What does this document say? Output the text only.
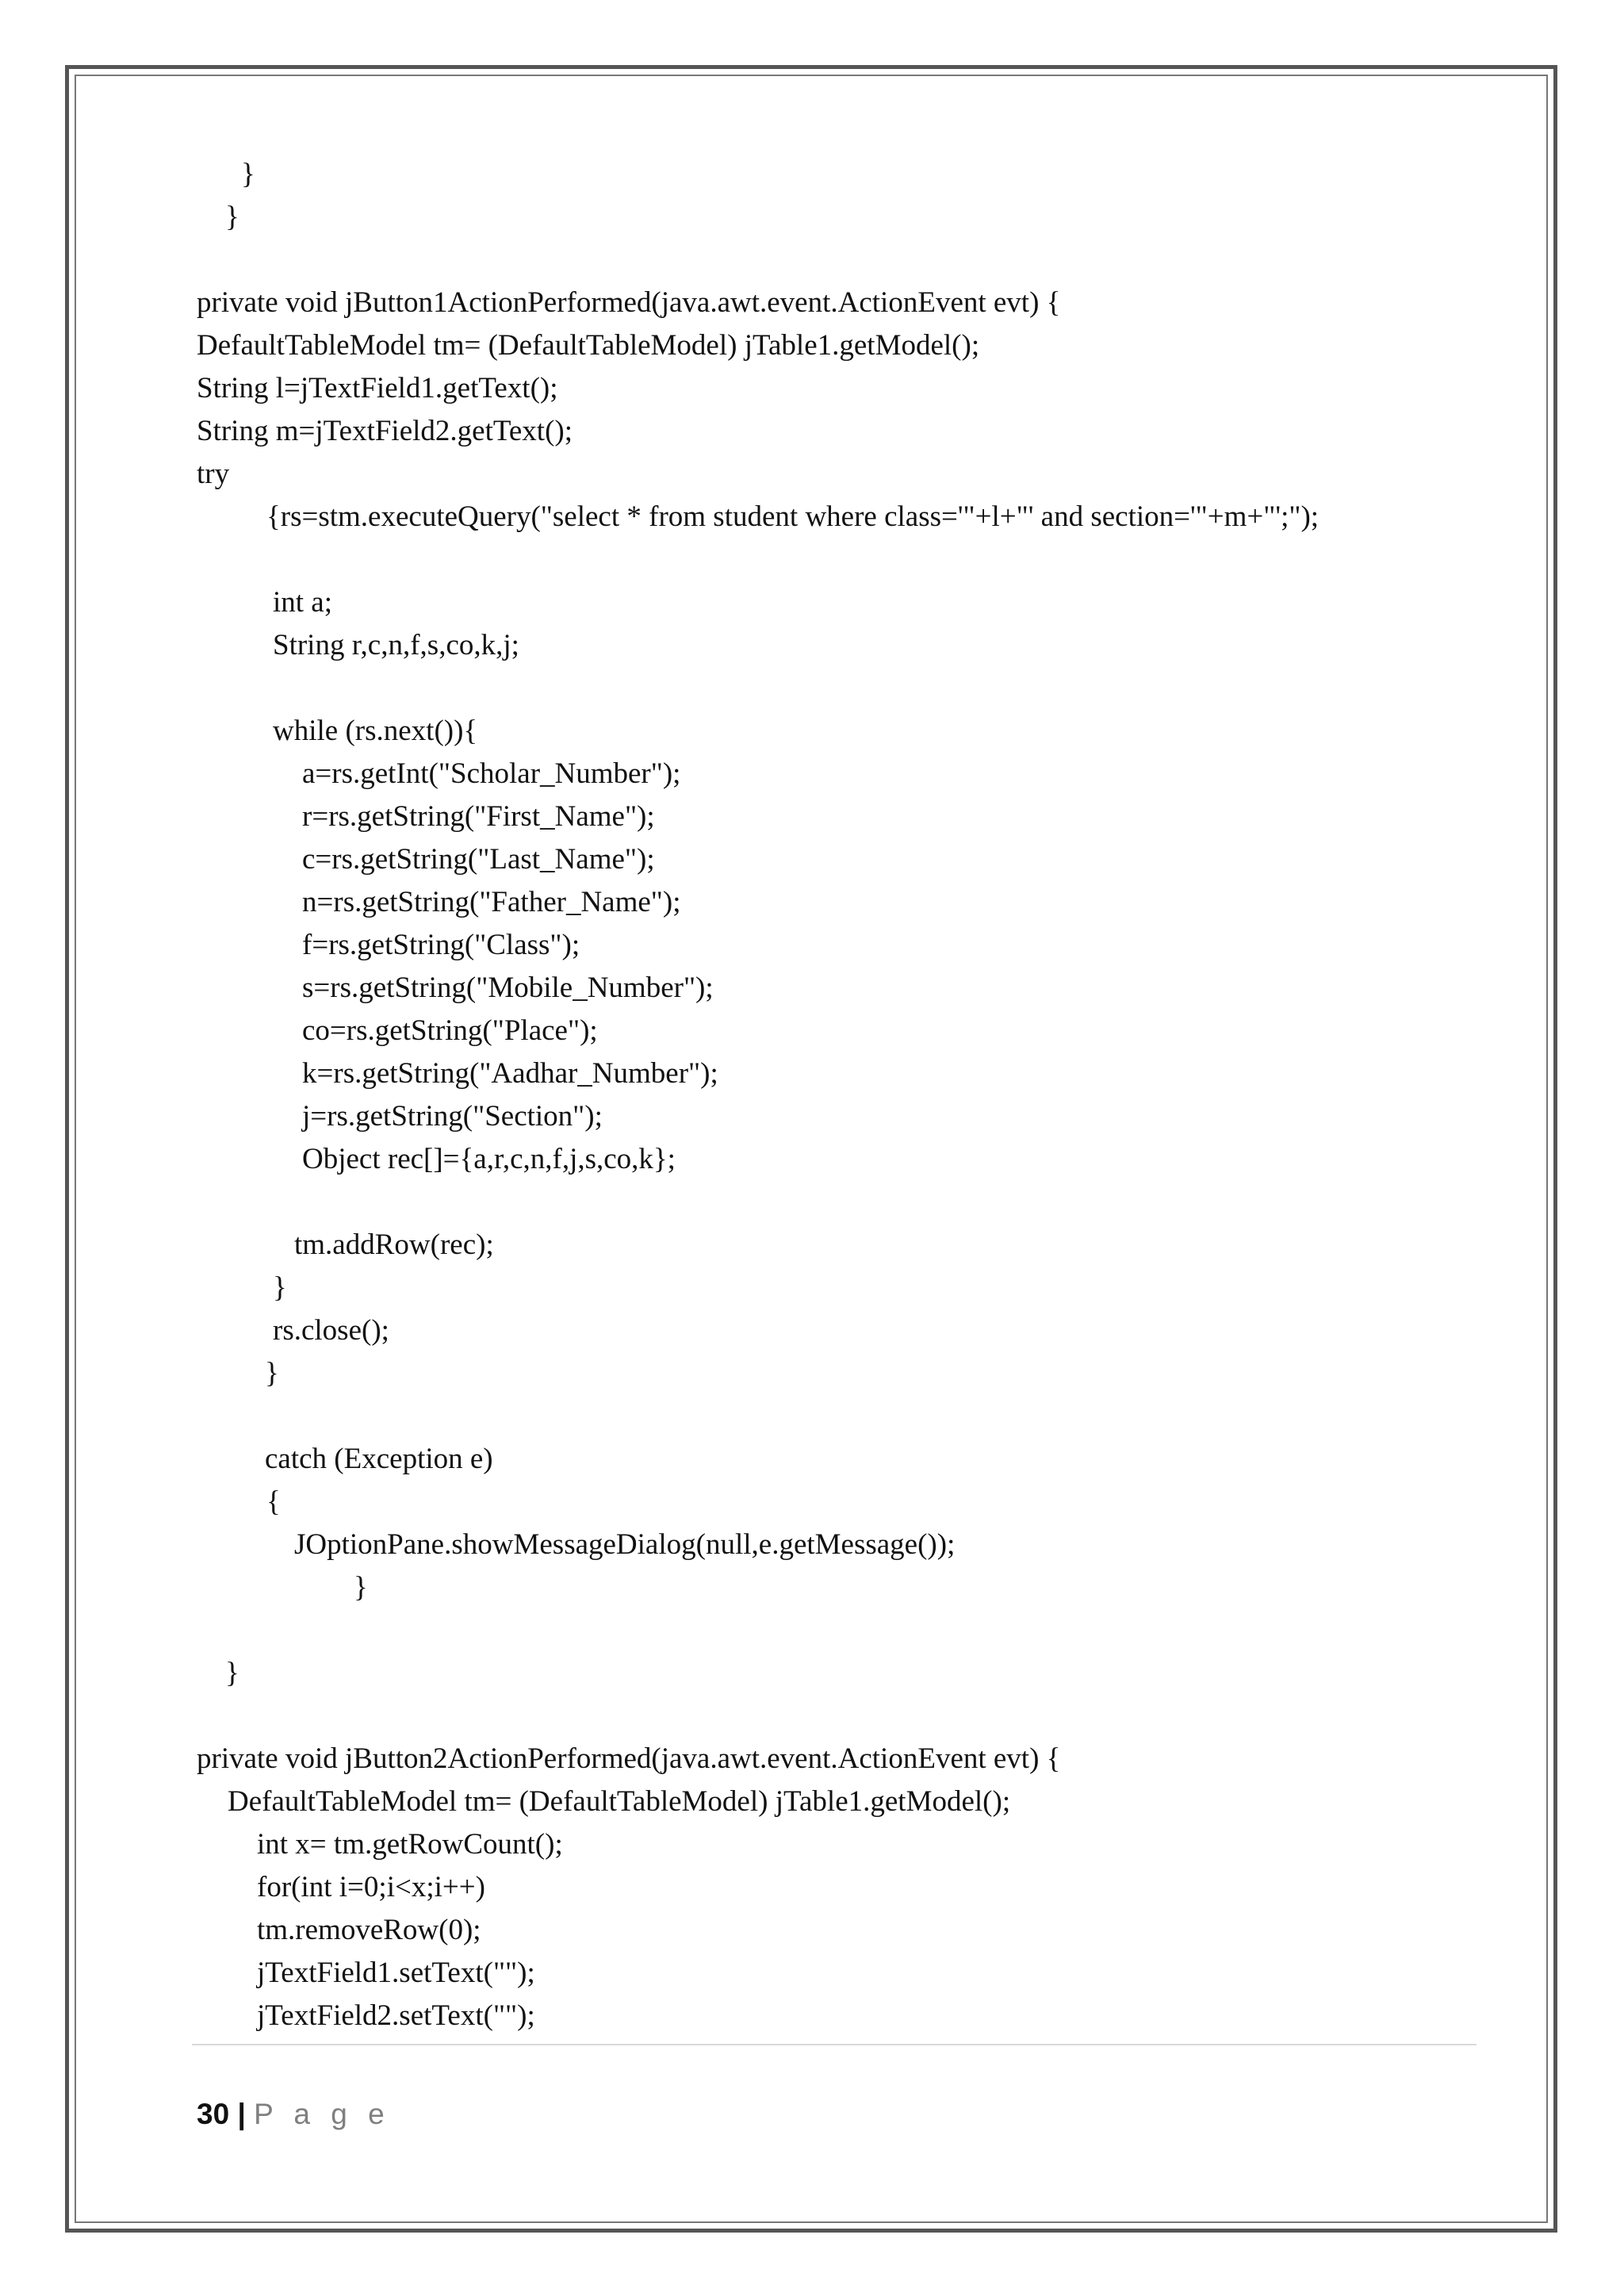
}
}
private void jButton1ActionPerformed(java.awt.event.ActionEvent evt) {
DefaultTableModel tm= (DefaultTableModel) jTable1.getModel();
String l=jTextField1.getText();
String m=jTextField2.getText();
try
{rs=stm.executeQuery("select * from student where class='"+l+"' and section='"+m+"';");
int a;
String r,c,n,f,s,co,k,j;
while (rs.next()){
a=rs.getInt("Scholar_Number");
r=rs.getString("First_Name");
c=rs.getString("Last_Name");
n=rs.getString("Father_Name");
f=rs.getString("Class");
s=rs.getString("Mobile_Number");
co=rs.getString("Place");
k=rs.getString("Aadhar_Number");
j=rs.getString("Section");
Object rec[]={a,r,c,n,f,j,s,co,k};
tm.addRow(rec);
}
rs.close();
}
catch (Exception e)
{
JOptionPane.showMessageDialog(null,e.getMessage());
}
}
private void jButton2ActionPerformed(java.awt.event.ActionEvent evt) {
DefaultTableModel tm= (DefaultTableModel) jTable1.getModel();
int x= tm.getRowCount();
for(int i=0;i<x;i++)
tm.removeRow(0);
jTextField1.setText("");
jTextField2.setText("");
30 | P a g e
